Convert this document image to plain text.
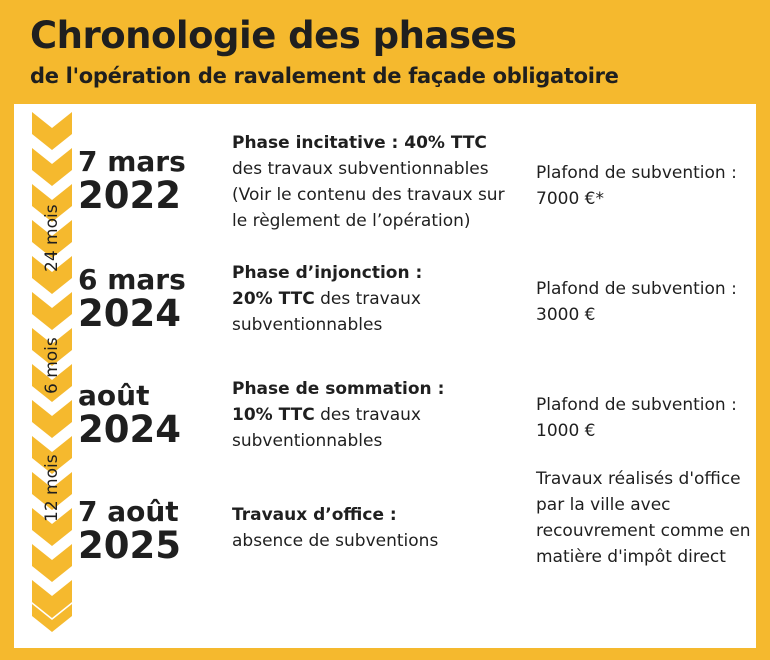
Chronologie des phases
de l'opération de ravalement de façade obligatoire
24 mois
6 mois
12 mois
7 mars
2022
Phase incitative : 40% TTC
des travaux subventionnables
(Voir le contenu des travaux sur le règlement de l’opération)
Plafond de subvention : 7000 €*
6 mars
2024
Phase d’injonction :
20% TTC des travaux subventionnables
Plafond de subvention : 3000 €
août
2024
Phase de sommation :
10% TTC des travaux subventionnables
Plafond de subvention : 1000 €
7 août
2025
Travaux d’office :
absence de subventions
Travaux réalisés d'office par la ville avec recouvrement comme en matière d'impôt direct
